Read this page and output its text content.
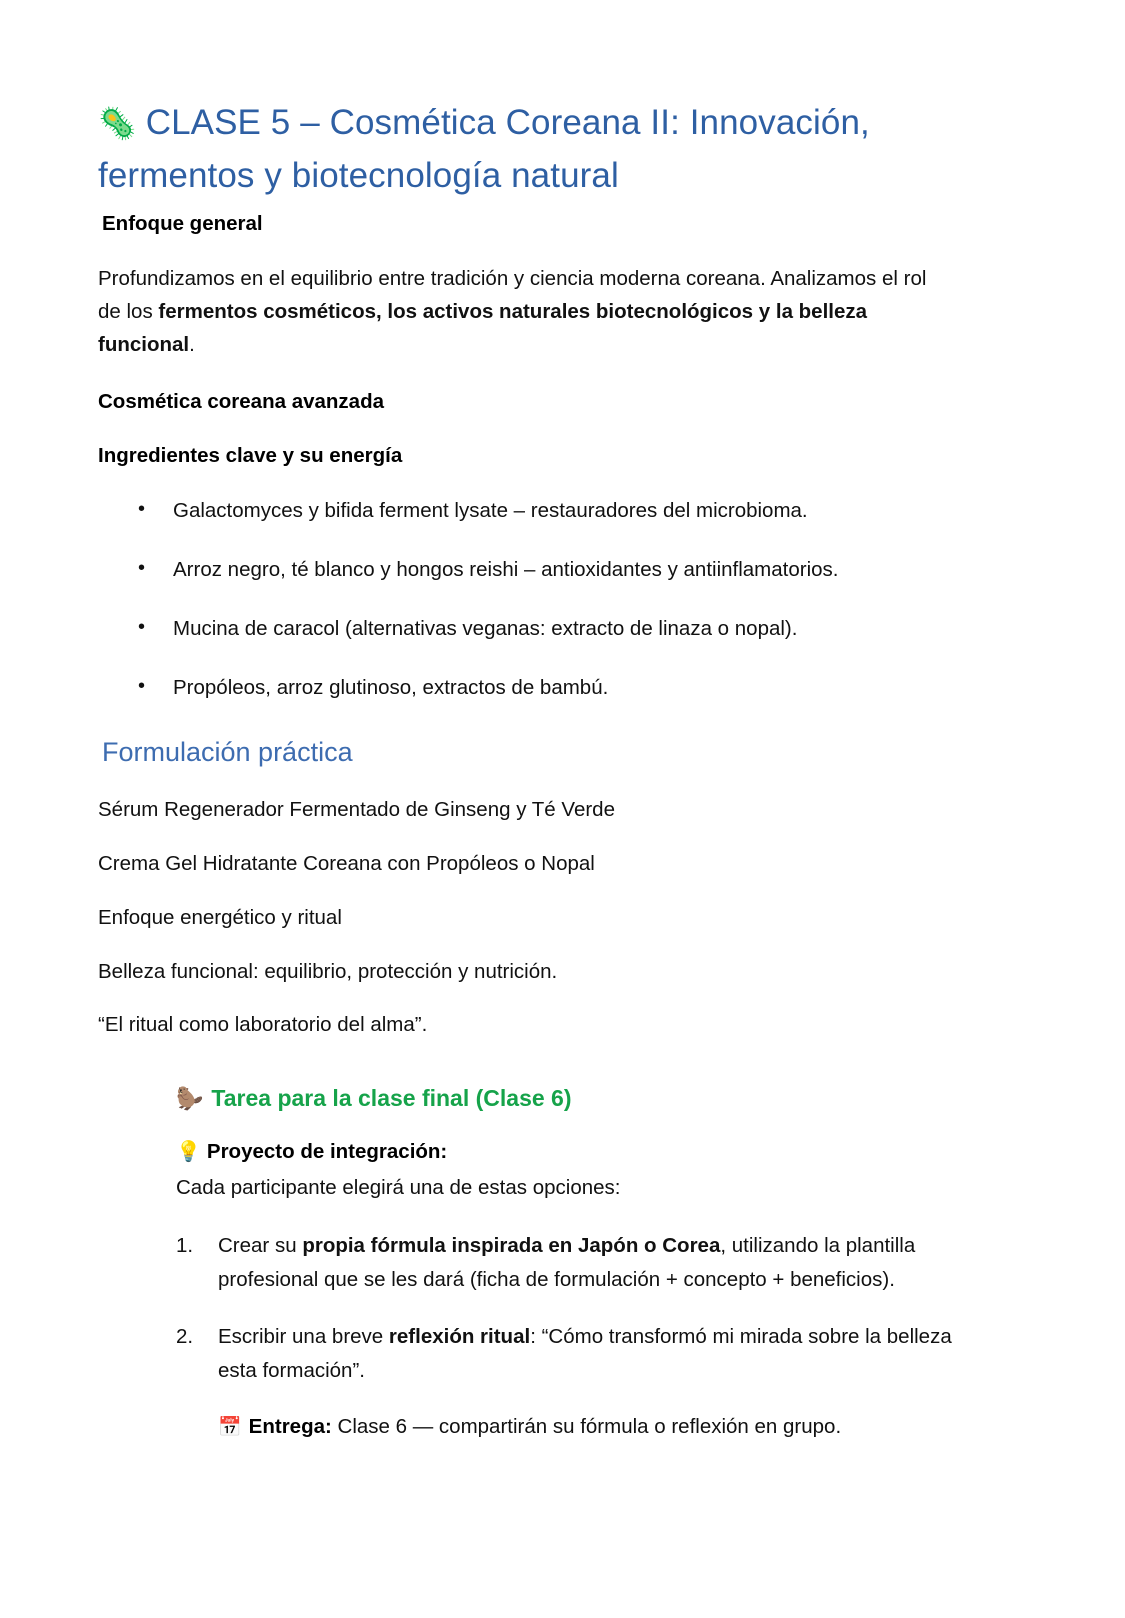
🦠 CLASE 5 – Cosmética Coreana II: Innovación, fermentos y biotecnología natural

Enfoque general

Profundizamos en el equilibrio entre tradición y ciencia moderna coreana. Analizamos el rol de los fermentos cosméticos, los activos naturales biotecnológicos y la belleza funcional.

Cosmética coreana avanzada

Ingredientes clave y su energía

• Galactomyces y bifida ferment lysate – restauradores del microbioma.
• Arroz negro, té blanco y hongos reishi – antioxidantes y antiinflamatorios.
• Mucina de caracol (alternativas veganas: extracto de linaza o nopal).
• Propóleos, arroz glutinoso, extractos de bambú.
Formulación práctica

Sérum Regenerador Fermentado de Ginseng y Té Verde

Crema Gel Hidratante Coreana con Propóleos o Nopal

Enfoque energético y ritual

Belleza funcional: equilibrio, protección y nutrición.

“El ritual como laboratorio del alma”.

🦫 Tarea para la clase final (Clase 6)

💡 Proyecto de integración:

Cada participante elegirá una de estas opciones:

Crear su propia fórmula inspirada en Japón o Corea, utilizando la plantilla profesional que se les dará (ficha de formulación + concepto + beneficios).
Escribir una breve reflexión ritual: “Cómo transformó mi mirada sobre la belleza esta formación”.

📅 Entrega: Clase 6 — compartirán su fórmula o reflexión en grupo.
